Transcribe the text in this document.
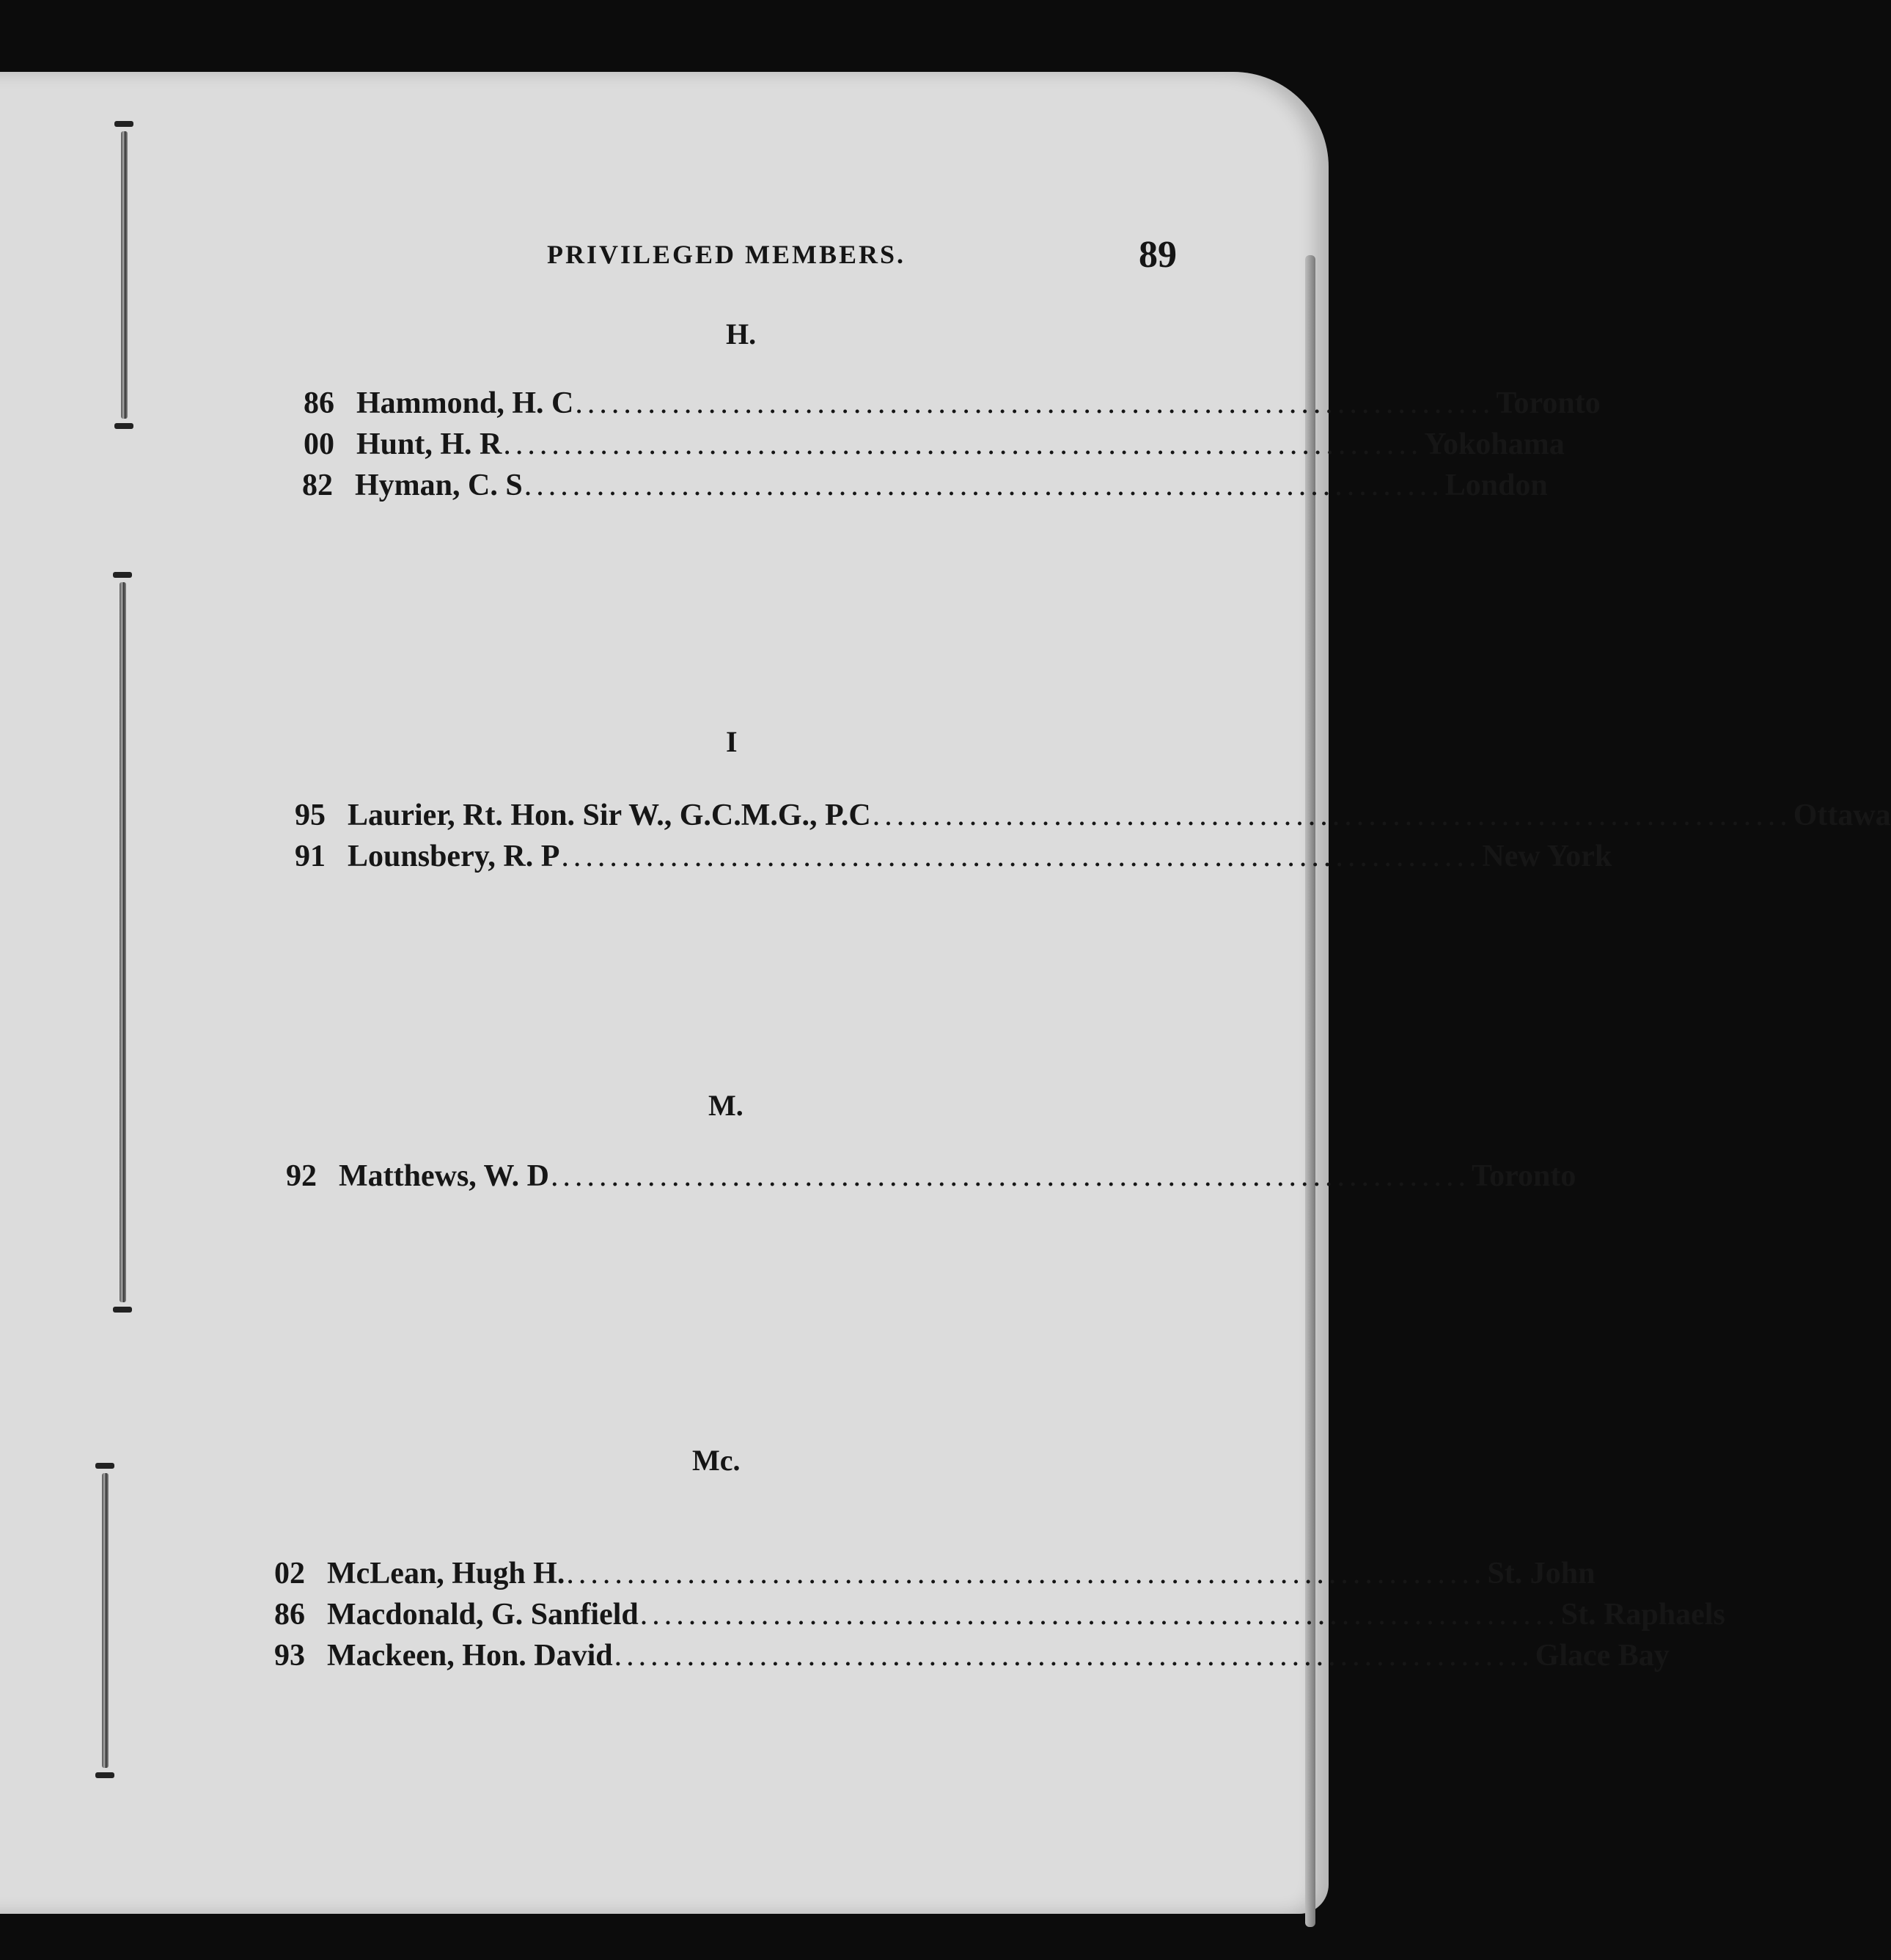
PRIVILEGED MEMBERS.	89
H.
86 Hammond, H. C ............................................................................ Toronto
00 Hunt, H. R ............................................................................ Yokohama
82 Hyman, C. S ............................................................................ London
I
95 Laurier, Rt. Hon. Sir W., G.C.M.G., P.C ............................................................................ Ottawa
91 Lounsbery, R. P ............................................................................ New York
M.
92 Matthews, W. D ............................................................................ Toronto
Mc.
02 McLean, Hugh H. ............................................................................ St. John
86 Macdonald, G. Sanfield ............................................................................ St. Raphaels
93 Mackeen, Hon. David ............................................................................ Glace Bay
